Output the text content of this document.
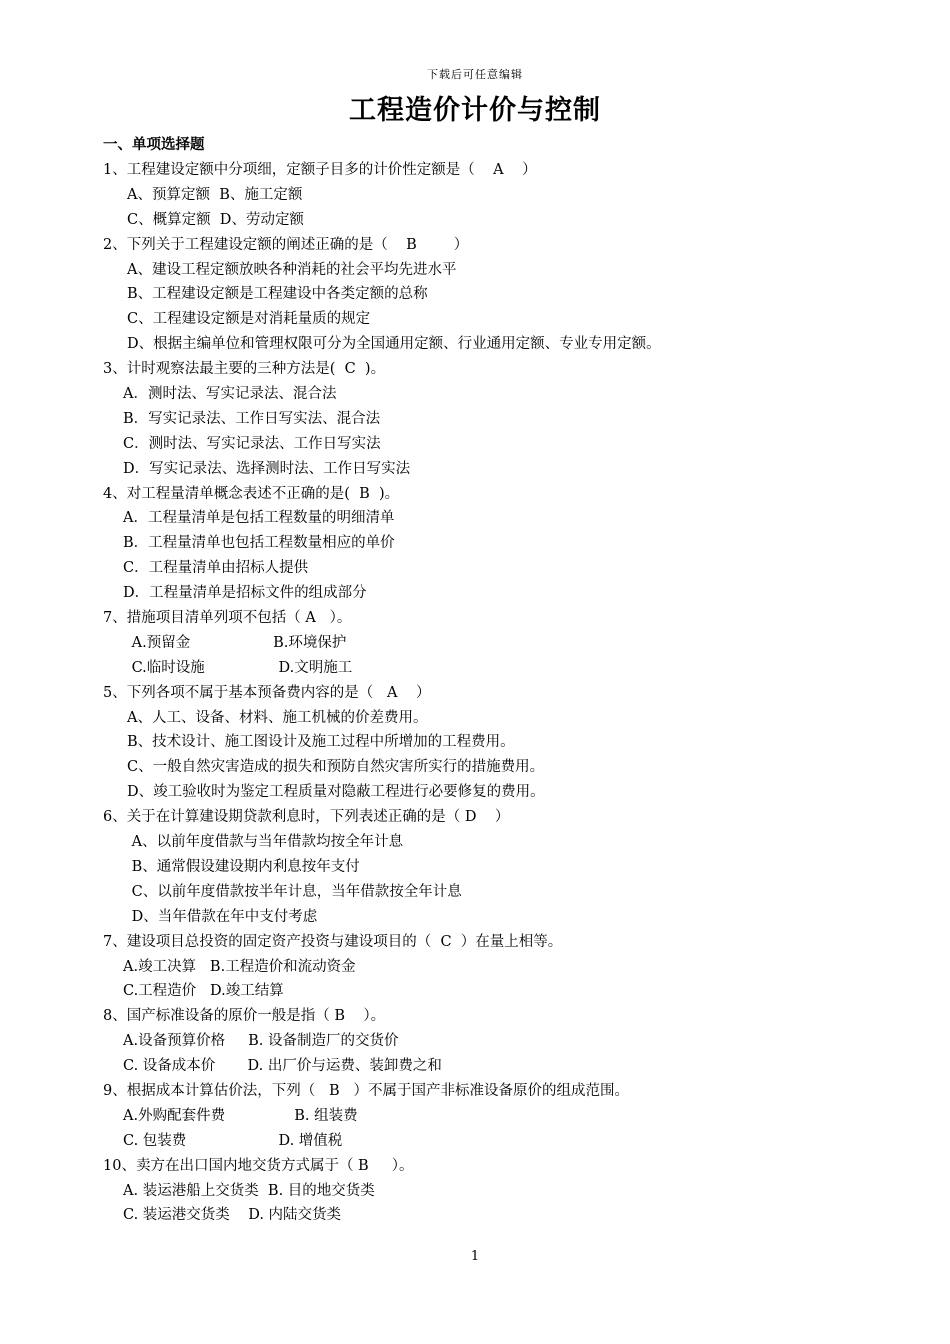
下载后可任意编辑
工程造价计价与控制
一、单项选择题
1、工程建设定额中分项细，定额子目多的计价性定额是（    A    ）
A、预算定额  B、施工定额
C、概算定额  D、劳动定额
2、下列关于工程建设定额的阐述正确的是（    B        ）
A、建设工程定额放映各种消耗的社会平均先进水平
B、工程建设定额是工程建设中各类定额的总称
C、工程建设定额是对消耗量质的规定
D、根据主编单位和管理权限可分为全国通用定额、行业通用定额、专业专用定额。
3、计时观察法最主要的三种方法是(  C  )。
A．测时法、写实记录法、混合法
B．写实记录法、工作日写实法、混合法
C．测时法、写实记录法、工作日写实法
D．写实记录法、选择测时法、工作日写实法
4、对工程量清单概念表述不正确的是(  B  )。
A．工程量清单是包括工程数量的明细清单
B．工程量清单也包括工程数量相应的单价
C．工程量清单由招标人提供
D．工程量清单是招标文件的组成部分
7、措施项目清单列项不包括（ A   ）。
A.预留金                  B.环境保护
C.临时设施                D.文明施工
5、下列各项不属于基本预备费内容的是（   A    ）
A、人工、设备、材料、施工机械的价差费用。
B、技术设计、施工图设计及施工过程中所增加的工程费用。
C、一般自然灾害造成的损失和预防自然灾害所实行的措施费用。
D、竣工验收时为鉴定工程质量对隐蔽工程进行必要修复的费用。
6、关于在计算建设期贷款利息时，下列表述正确的是（ D    ）
A、以前年度借款与当年借款均按全年计息
B、通常假设建设期内利息按年支付
C、以前年度借款按半年计息，当年借款按全年计息
D、当年借款在年中支付考虑
7、建设项目总投资的固定资产投资与建设项目的（  C  ）在量上相等。
A.竣工决算   B.工程造价和流动资金
C.工程造价   D.竣工结算
8、国产标准设备的原价一般是指（ B    ）。
A.设备预算价格     B. 设备制造厂的交货价
C. 设备成本价       D. 出厂价与运费、装卸费之和
9、根据成本计算估价法，下列（   B   ）不属于国产非标准设备原价的组成范围。
A.外购配套件费               B. 组装费
C. 包装费                    D. 增值税
10、卖方在出口国内地交货方式属于（ B     ）。
A. 装运港船上交货类  B. 目的地交货类
C. 装运港交货类    D. 内陆交货类
1
